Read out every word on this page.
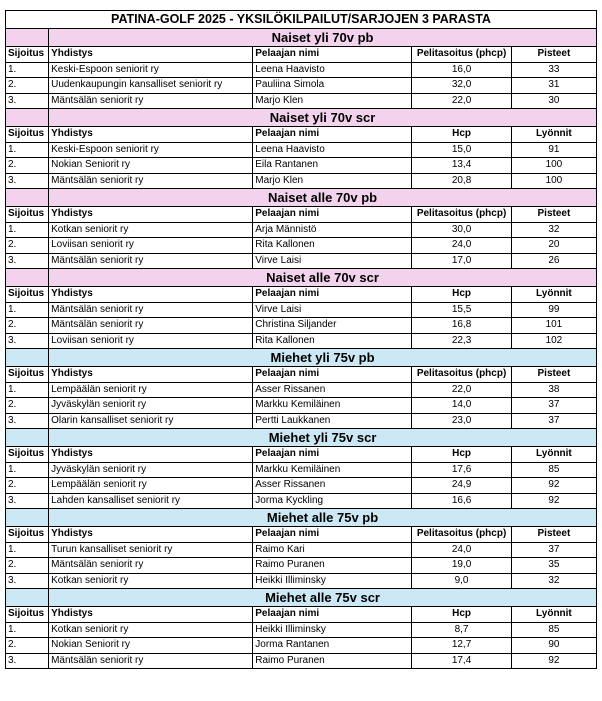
PATINA-GOLF 2025 - YKSILÖKILPAILUT/SARJOJEN 3 PARASTA				
	Naiset yli 70v pb			
Sijoitus	Yhdistys	Pelaajan nimi	Pelitasoitus (phcp)	Pisteet
1.	Keski-Espoon seniorit ry	Leena Haavisto	16,0	33
2.	Uudenkaupungin kansalliset seniorit ry	Pauliina Simola	32,0	31
3.	Mäntsälän seniorit ry	Marjo Klen	22,0	30
	Naiset yli 70v scr			
Sijoitus	Yhdistys	Pelaajan nimi	Hcp	Lyönnit
1.	Keski-Espoon seniorit ry	Leena Haavisto	15,0	91
2.	Nokian Seniorit ry	Eila Rantanen	13,4	100
3.	Mäntsälän seniorit ry	Marjo Klen	20,8	100
	Naiset alle 70v pb			
Sijoitus	Yhdistys	Pelaajan nimi	Pelitasoitus (phcp)	Pisteet
1.	Kotkan seniorit ry	Arja Männistö	30,0	32
2.	Loviisan seniorit ry	Rita Kallonen	24,0	20
3.	Mäntsälän seniorit ry	Virve Laisi	17,0	26
	Naiset alle 70v scr			
Sijoitus	Yhdistys	Pelaajan nimi	Hcp	Lyönnit
1.	Mäntsälän seniorit ry	Virve Laisi	15,5	99
2.	Mäntsälän seniorit ry	Christina Siljander	16,8	101
3.	Loviisan seniorit ry	Rita Kallonen	22,3	102
	Miehet yli 75v pb			
Sijoitus	Yhdistys	Pelaajan nimi	Pelitasoitus (phcp)	Pisteet
1.	Lempäälän seniorit ry	Asser Rissanen	22,0	38
2.	Jyväskylän seniorit ry	Markku Kemiläinen	14,0	37
3.	Olarin kansalliset seniorit ry	Pertti Laukkanen	23,0	37
	Miehet yli 75v scr			
Sijoitus	Yhdistys	Pelaajan nimi	Hcp	Lyönnit
1.	Jyväskylän seniorit ry	Markku Kemiläinen	17,6	85
2.	Lempäälän seniorit ry	Asser Rissanen	24,9	92
3.	Lahden kansalliset seniorit ry	Jorma Kyckling	16,6	92
	Miehet alle 75v pb			
Sijoitus	Yhdistys	Pelaajan nimi	Pelitasoitus (phcp)	Pisteet
1.	Turun kansalliset seniorit ry	Raimo Kari	24,0	37
2.	Mäntsälän seniorit ry	Raimo Puranen	19,0	35
3.	Kotkan seniorit ry	Heikki Illiminsky	9,0	32
	Miehet alle 75v scr			
Sijoitus	Yhdistys	Pelaajan nimi	Hcp	Lyönnit
1.	Kotkan seniorit ry	Heikki Illiminsky	8,7	85
2.	Nokian Seniorit ry	Jorma Rantanen	12,7	90
3.	Mäntsälän seniorit ry	Raimo Puranen	17,4	92
